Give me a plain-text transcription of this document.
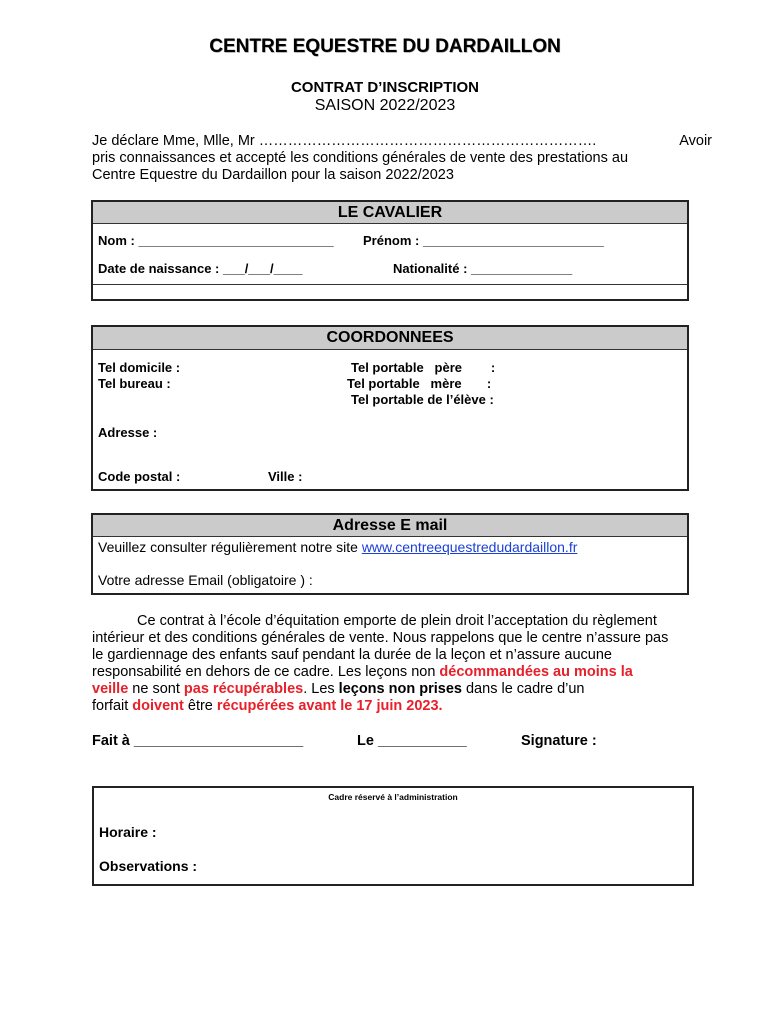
CENTRE EQUESTRE DU DARDAILLON
CONTRAT D’INSCRIPTION
SAISON 2022/2023
Je déclare Mme, Mlle, Mr …………………………………………………………….	Avoir
pris connaissances et accepté les conditions générales de vente des prestations au
Centre Equestre du Dardaillon pour la saison 2022/2023
LE CAVALIER
Nom : ___________________________ Prénom : _________________________
Date de naissance : ___/___/____	Nationalité : ______________
COORDONNEES
Tel domicile :
Tel bureau :
Tel portable   père        :
Tel portable   mère       :
Tel portable de l’élève :
Adresse :
Code postal :	Ville :
Adresse E mail
Veuillez consulter régulièrement notre site www.centreequestredudardaillon.fr
Votre adresse Email (obligatoire ) :
Ce contrat à l’école d’équitation emporte de plein droit l’acceptation du règlement
intérieur et des conditions générales de vente. Nous rappelons que le centre n’assure pas
le gardiennage des enfants sauf pendant la durée de la leçon et n’assure aucune
responsabilité en dehors de ce cadre. Les leçons non décommandées au moins la
veille ne sont pas récupérables. Les leçons non prises dans le cadre d’un
forfait doivent être récupérées avant le 17 juin 2023.
Fait à _____________________	Le ___________	Signature :
Cadre réservé à l’administration
Horaire :
Observations :
